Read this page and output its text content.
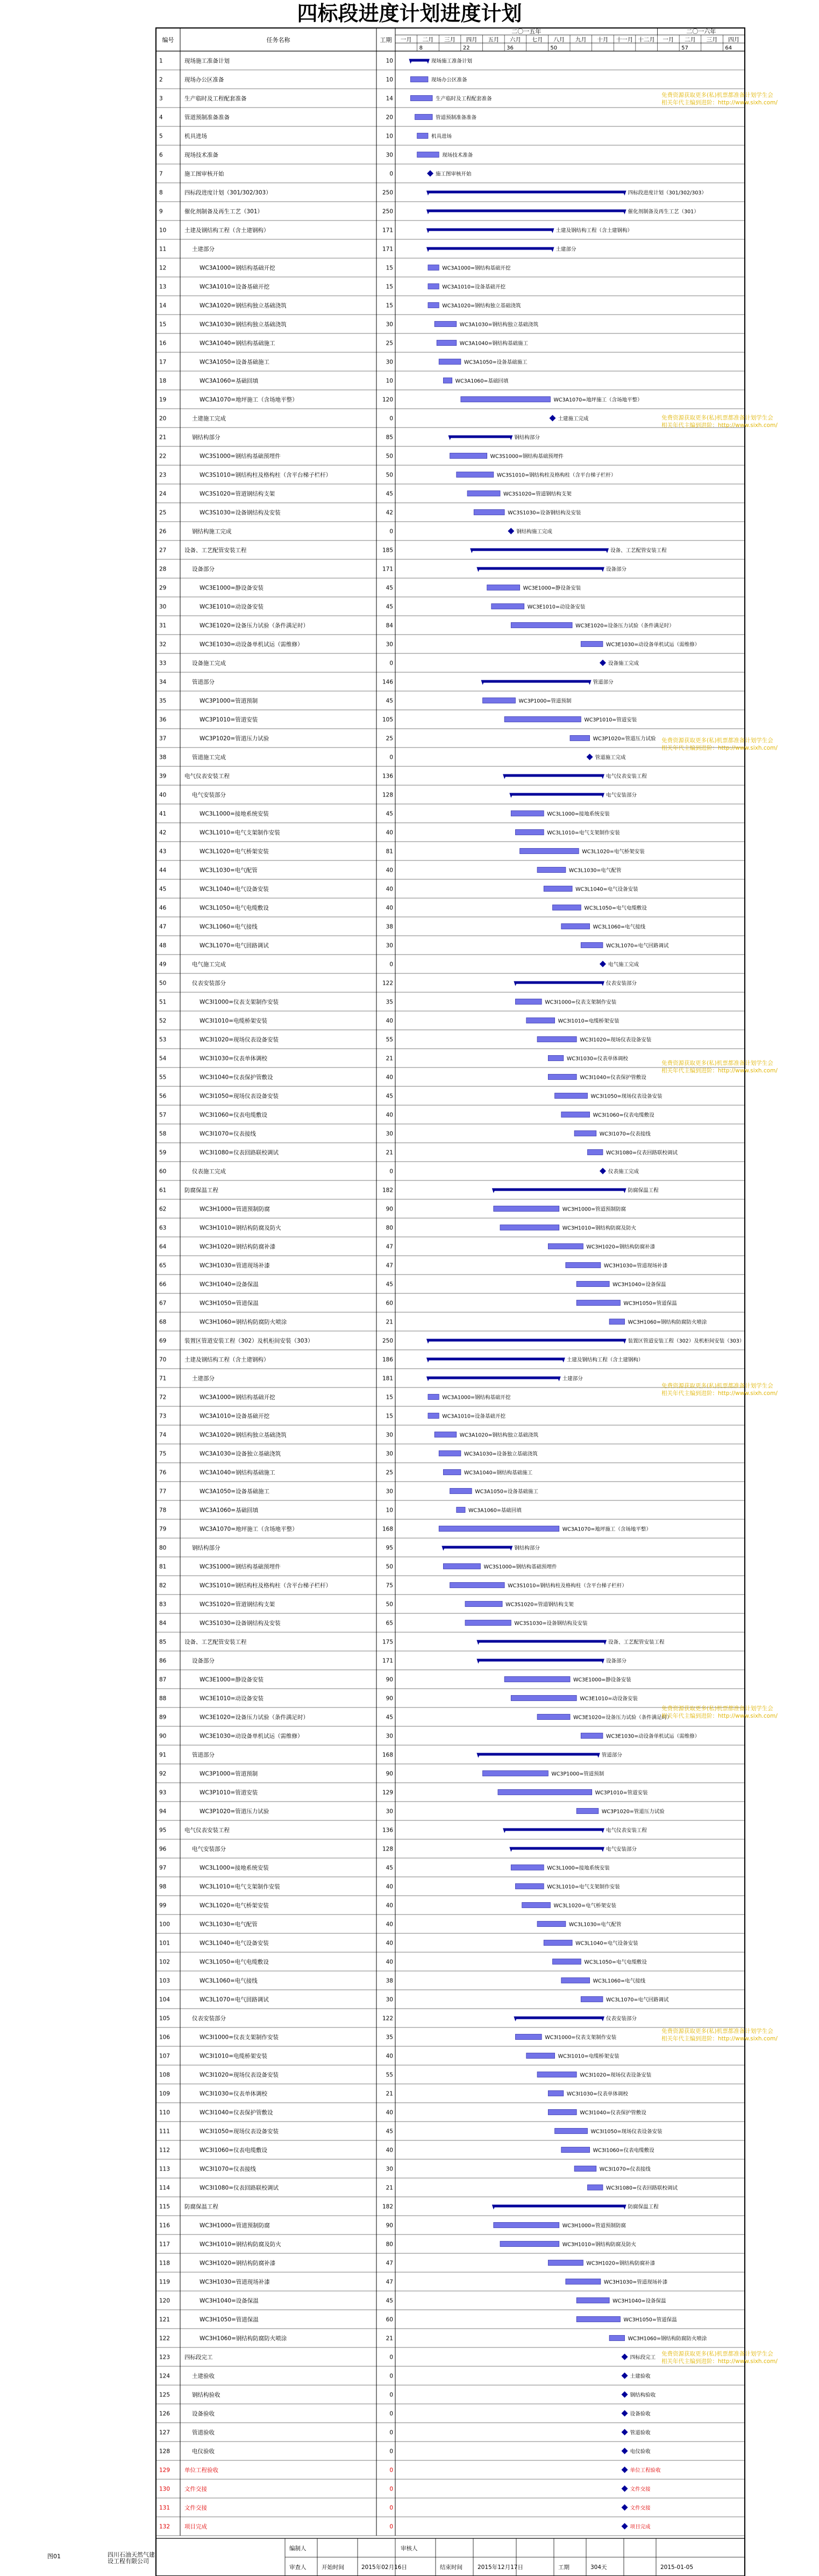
四标段进度计划进度计划
编号	任务名称	工期
二〇一五年	二〇一六年
一月 二月
8
三月 四月
22
五月 六月
36
七月 八月
50
九月 十月 十一月 十二月 一月 二月
57
三月 四月
64
1	现场施工准备计划	10
2	现场办公区准备	10
3	生产临时及工程配套准备	14
4	管道预制准备准备	20
5	机具进场	10
6	现场技术准备	30
7	施工图审核开始	0
8	四标段进度计划（301/302/303）	250
9	催化剂制备及再生工艺（301）	250
10	土建及钢结构工程（含土建钢构）	171
11	土建部分	171
12	WC3A1000=钢结构基础开挖	15
13	WC3A1010=设备基础开挖	15
14	WC3A1020=钢结构独立基础浇筑	15
15	WC3A1030=钢结构独立基础浇筑	30
16	WC3A1040=钢结构基础施工	25
17	WC3A1050=设备基础施工	30
18	WC3A1060=基础回填	10
19	WC3A1070=地坪施工（含场地平整）	120
20	土建施工完成	0
21	钢结构部分	85
22	WC3S1000=钢结构基础预埋件	50
23	WC3S1010=钢结构柱及格构柱（含平台梯子栏杆）	50
24	WC3S1020=管道钢结构支架	45
25	WC3S1030=设备钢结构及安装	42
26	钢结构施工完成	0
27	设备、工艺配管安装工程	185
28	设备部分	171
29	WC3E1000=静设备安装	45
30	WC3E1010=动设备安装	45
31	WC3E1020=设备压力试验（条件满足时）	84
32	WC3E1030=动设备单机试运（需维修）	30
33	设备施工完成	0
34	管道部分	146
35	WC3P1000=管道预制	45
36	WC3P1010=管道安装	105
37	WC3P1020=管道压力试验	25
38	管道施工完成	0
39	电气仪表安装工程	136
40	电气安装部分	128
41	WC3L1000=接地系统安装	45
42	WC3L1010=电气支架制作安装	40
43	WC3L1020=电气桥架安装	81
44	WC3L1030=电气配管	40
45	WC3L1040=电气设备安装	40
46	WC3L1050=电气电缆敷设	40
47	WC3L1060=电气接线	38
48	WC3L1070=电气回路调试	30
49	电气施工完成	0
50	仪表安装部分	122
51	WC3I1000=仪表支架制作安装	35
52	WC3I1010=电缆桥架安装	40
53	WC3I1020=现场仪表设备安装	55
54	WC3I1030=仪表单体调校	21
55	WC3I1040=仪表保护管敷设	40
56	WC3I1050=现场仪表设备安装	45
57	WC3I1060=仪表电缆敷设	40
58	WC3I1070=仪表接线	30
59	WC3I1080=仪表回路联校调试	21
60	仪表施工完成	0
61	防腐保温工程	182
62	WC3H1000=管道预制防腐	90
63	WC3H1010=钢结构防腐及防火	80
64	WC3H1020=钢结构防腐补漆	47
65	WC3H1030=管道现场补漆	47
66	WC3H1040=设备保温	45
67	WC3H1050=管道保温	60
68	WC3H1060=钢结构防腐防火喷涂	21
69	装置区管道安装工程（302）及机柜间安装（303）	250
70	土建及钢结构工程（含土建钢构）	186
71	土建部分	181
72	WC3A1000=钢结构基础开挖	15
73	WC3A1010=设备基础开挖	15
74	WC3A1020=钢结构独立基础浇筑	30
75	WC3A1030=设备独立基础浇筑	30
76	WC3A1040=钢结构基础施工	25
77	WC3A1050=设备基础施工	30
78	WC3A1060=基础回填	10
79	WC3A1070=地坪施工（含场地平整）	168
80	钢结构部分	95
81	WC3S1000=钢结构基础预埋件	50
82	WC3S1010=钢结构柱及格构柱（含平台梯子栏杆）	75
83	WC3S1020=管道钢结构支架	50
84	WC3S1030=设备钢结构及安装	65
85	设备、工艺配管安装工程	175
86	设备部分	171
87	WC3E1000=静设备安装	90
88	WC3E1010=动设备安装	90
89	WC3E1020=设备压力试验（条件满足时）	45
90	WC3E1030=动设备单机试运（需维修）	30
91	管道部分	168
92	WC3P1000=管道预制	90
93	WC3P1010=管道安装	129
94	WC3P1020=管道压力试验	30
95	电气仪表安装工程	136
96	电气安装部分	128
97	WC3L1000=接地系统安装	45
98	WC3L1010=电气支架制作安装	40
99	WC3L1020=电气桥架安装	40
100	WC3L1030=电气配管	40
101	WC3L1040=电气设备安装	40
102	WC3L1050=电气电缆敷设	40
103	WC3L1060=电气接线	38
104	WC3L1070=电气回路调试	30
105	仪表安装部分	122
106	WC3I1000=仪表支架制作安装	35
107	WC3I1010=电缆桥架安装	40
108	WC3I1020=现场仪表设备安装	55
109	WC3I1030=仪表单体调校	21
110	WC3I1040=仪表保护管敷设	40
111	WC3I1050=现场仪表设备安装	45
112	WC3I1060=仪表电缆敷设	40
113	WC3I1070=仪表接线	30
114	WC3I1080=仪表回路联校调试	21
115	防腐保温工程	182
116	WC3H1000=管道预制防腐	90
117	WC3H1010=钢结构防腐及防火	80
118	WC3H1020=钢结构防腐补漆	47
119	WC3H1030=管道现场补漆	47
120	WC3H1040=设备保温	45
121	WC3H1050=管道保温	60
122	WC3H1060=钢结构防腐防火喷涂	21
123	四标段完工	0
124	土建验收	0
125	钢结构验收	0
126	设备验收	0
127	管道验收	0
128	电仪验收	0
129	单位工程验收	0
130	文件交接	0
131	文件交接	0
132	项目完成	0
现场施工准备计划
现场办公区准备
生产临时及工程配套准备
管道预制准备准备
机具进场
现场技术准备
施工图审核开始
四标段进度计划（301/302/303）
催化剂制备及再生工艺（301）
土建及钢结构工程（含土建钢构）
土建部分
WC3A1000=钢结构基础开挖
WC3A1010=设备基础开挖
WC3A1020=钢结构独立基础浇筑
WC3A1030=钢结构独立基础浇筑
WC3A1040=钢结构基础施工
WC3A1050=设备基础施工
WC3A1060=基础回填
WC3A1070=地坪施工（含场地平整）
土建施工完成
钢结构部分
WC3S1000=钢结构基础预埋件
WC3S1010=钢结构柱及格构柱（含平台梯子栏杆）
WC3S1020=管道钢结构支架
WC3S1030=设备钢结构及安装
钢结构施工完成
设备、工艺配管安装工程
设备部分
WC3E1000=静设备安装
WC3E1010=动设备安装
WC3E1020=设备压力试验（条件满足时）
WC3E1030=动设备单机试运（需维修）
设备施工完成
管道部分
WC3P1000=管道预制
WC3P1010=管道安装
WC3P1020=管道压力试验
管道施工完成
电气仪表安装工程
电气安装部分
WC3L1000=接地系统安装
WC3L1010=电气支架制作安装
WC3L1020=电气桥架安装
WC3L1030=电气配管
WC3L1040=电气设备安装
WC3L1050=电气电缆敷设
WC3L1060=电气接线
WC3L1070=电气回路调试
电气施工完成
仪表安装部分
WC3I1000=仪表支架制作安装
WC3I1010=电缆桥架安装
WC3I1020=现场仪表设备安装
WC3I1030=仪表单体调校
WC3I1040=仪表保护管敷设
WC3I1050=现场仪表设备安装
WC3I1060=仪表电缆敷设
WC3I1070=仪表接线
WC3I1080=仪表回路联校调试
仪表施工完成
防腐保温工程
WC3H1000=管道预制防腐
WC3H1010=钢结构防腐及防火
WC3H1020=钢结构防腐补漆
WC3H1030=管道现场补漆
WC3H1040=设备保温
WC3H1050=管道保温
WC3H1060=钢结构防腐防火喷涂
装置区管道安装工程（302）及机柜间安装（303）
土建及钢结构工程（含土建钢构）
土建部分
WC3A1000=钢结构基础开挖
WC3A1010=设备基础开挖
WC3A1020=钢结构独立基础浇筑
WC3A1030=设备独立基础浇筑
WC3A1040=钢结构基础施工
WC3A1050=设备基础施工
WC3A1060=基础回填
WC3A1070=地坪施工（含场地平整）
钢结构部分
WC3S1000=钢结构基础预埋件
WC3S1010=钢结构柱及格构柱（含平台梯子栏杆）
WC3S1020=管道钢结构支架
WC3S1030=设备钢结构及安装
设备、工艺配管安装工程
设备部分
WC3E1000=静设备安装
WC3E1010=动设备安装
WC3E1020=设备压力试验（条件满足时）
WC3E1030=动设备单机试运（需维修）
管道部分
WC3P1000=管道预制
WC3P1010=管道安装
WC3P1020=管道压力试验
电气仪表安装工程
电气安装部分
WC3L1000=接地系统安装
WC3L1010=电气支架制作安装
WC3L1020=电气桥架安装
WC3L1030=电气配管
WC3L1040=电气设备安装
WC3L1050=电气电缆敷设
WC3L1060=电气接线
WC3L1070=电气回路调试
仪表安装部分
WC3I1000=仪表支架制作安装
WC3I1010=电缆桥架安装
WC3I1020=现场仪表设备安装
WC3I1030=仪表单体调校
WC3I1040=仪表保护管敷设
WC3I1050=现场仪表设备安装
WC3I1060=仪表电缆敷设
WC3I1070=仪表接线
WC3I1080=仪表回路联校调试
防腐保温工程
WC3H1000=管道预制防腐
WC3H1010=钢结构防腐及防火
WC3H1020=钢结构防腐补漆
WC3H1030=管道现场补漆
WC3H1040=设备保温
WC3H1050=管道保温
WC3H1060=钢结构防腐防火喷涂
四标段完工
土建验收
钢结构验收
设备验收
管道验收
电仪验收
单位工程验收
文件交接
文件交接
项目完成
免费资源获取更多(私)机票都准备计划学生会
相关年代主编到进阶：http://www.sixh.com/
免费资源获取更多(私)机票都准备计划学生会
相关年代主编到进阶：http://www.sixh.com/
免费资源获取更多(私)机票都准备计划学生会
相关年代主编到进阶：http://www.sixh.com/
免费资源获取更多(私)机票都准备计划学生会
相关年代主编到进阶：http://www.sixh.com/
免费资源获取更多(私)机票都准备计划学生会
相关年代主编到进阶：http://www.sixh.com/
免费资源获取更多(私)机票都准备计划学生会
相关年代主编到进阶：http://www.sixh.com/
免费资源获取更多(私)机票都准备计划学生会
相关年代主编到进阶：http://www.sixh.com/
免费资源获取更多(私)机票都准备计划学生会
相关年代主编到进阶：http://www.sixh.com/
编制人
审查人
审核人
开始时间	2015年02月16日	结束时间	2015年12月17日	工期	304天	2015-01-05
图01	四川石油天然气建设工程有限公司
